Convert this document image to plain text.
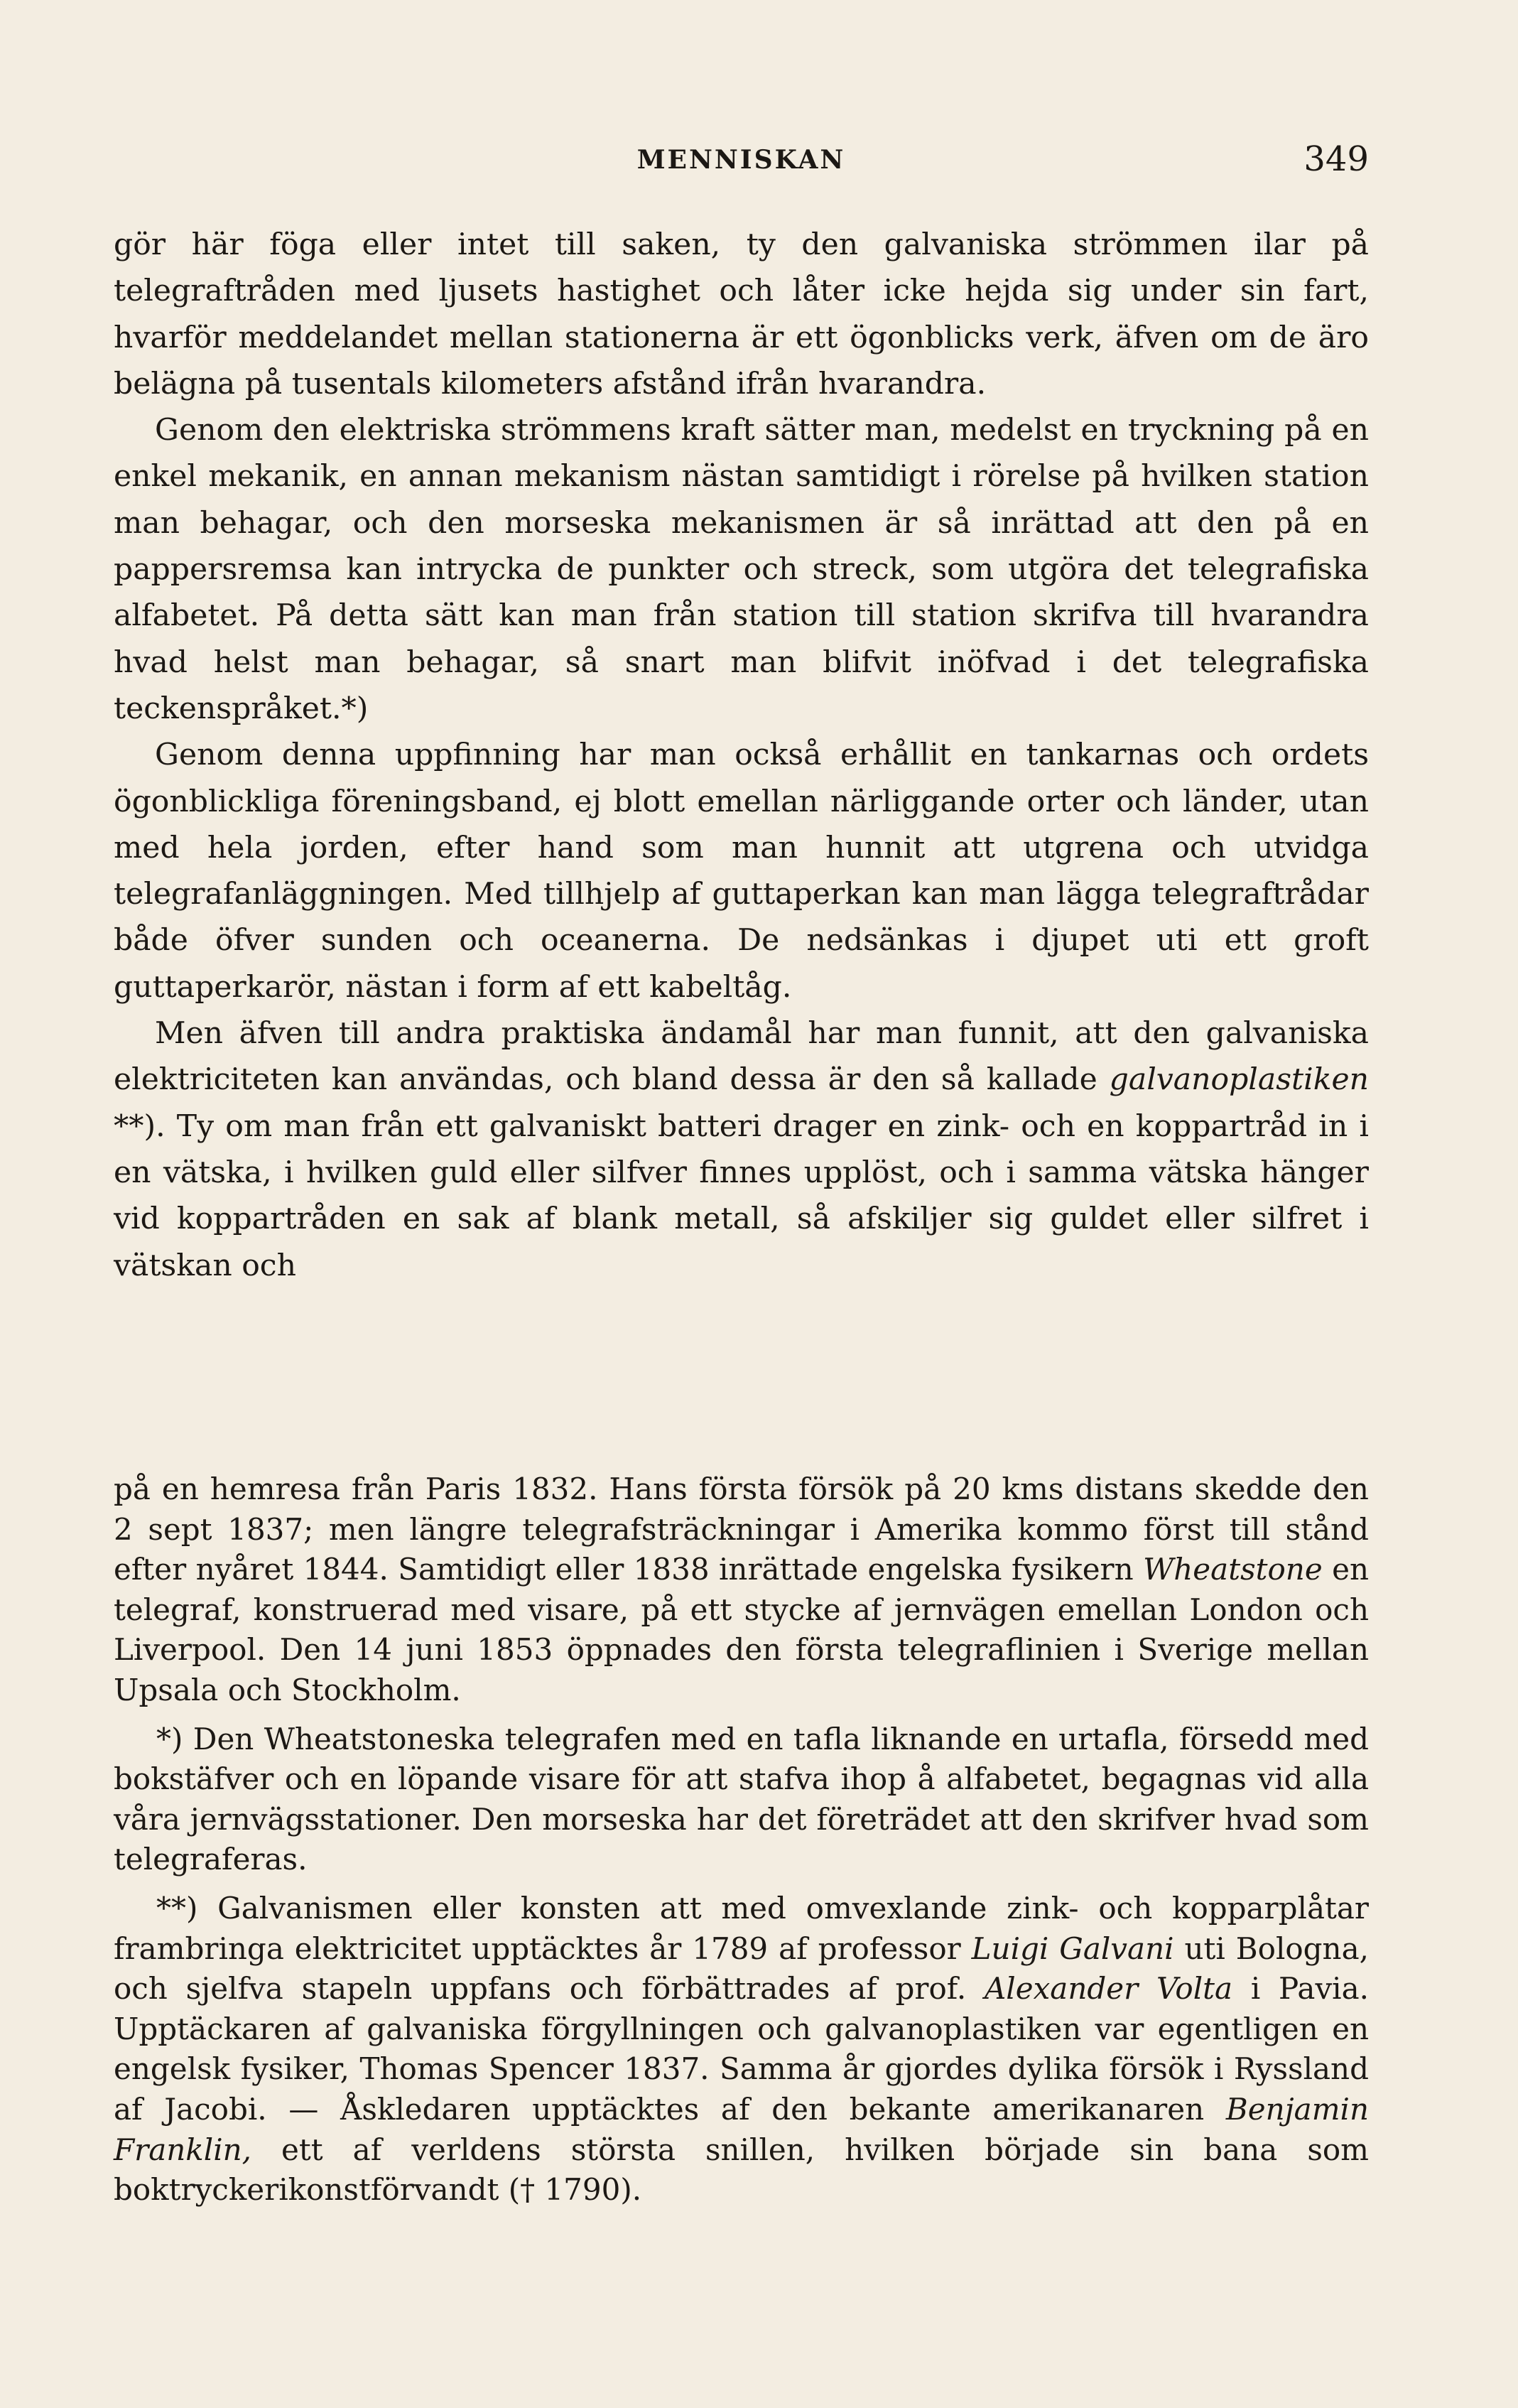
MENNISKAN	349

gör här föga eller intet till saken, ty den galvaniska strömmen ilar på telegraftråden med ljusets hastighet och låter icke hejda sig under sin fart, hvarför meddelandet mellan stationerna är ett ögonblicks verk, äfven om de äro belägna på tusentals kilometers afstånd ifrån hvarandra.

Genom den elektriska strömmens kraft sätter man, medelst en tryckning på en enkel mekanik, en annan mekanism nästan samtidigt i rörelse på hvilken station man behagar, och den morseska mekanismen är så inrättad att den på en pappersremsa kan intrycka de punkter och streck, som utgöra det telegrafiska alfabetet. På detta sätt kan man från station till station skrifva till hvarandra hvad helst man behagar, så snart man blifvit inöfvad i det telegrafiska teckenspråket.*)

Genom denna uppfinning har man också erhållit en tankarnas och ordets ögonblickliga föreningsband, ej blott emellan närliggande orter och länder, utan med hela jorden, efter hand som man hunnit att utgrena och utvidga telegrafanläggningen. Med tillhjelp af guttaperkan kan man lägga telegraftrådar både öfver sunden och oceanerna. De nedsänkas i djupet uti ett groft guttaperkarör, nästan i form af ett kabeltåg.

Men äfven till andra praktiska ändamål har man funnit, att den galvaniska elektriciteten kan användas, och bland dessa är den så kallade galvanoplastiken **). Ty om man från ett galvaniskt batteri drager en zink- och en koppartråd in i en vätska, i hvilken guld eller silfver finnes upplöst, och i samma vätska hänger vid koppartråden en sak af blank metall, så afskiljer sig guldet eller silfret i vätskan och

på en hemresa från Paris 1832. Hans första försök på 20 kms distans skedde den 2 sept 1837; men längre telegrafsträckningar i Amerika kommo först till stånd efter nyåret 1844. Samtidigt eller 1838 inrättade engelska fysikern Wheatstone en telegraf, konstruerad med visare, på ett stycke af jernvägen emellan London och Liverpool. Den 14 juni 1853 öppnades den första telegraflinien i Sverige mellan Upsala och Stockholm.

*) Den Wheatstoneska telegrafen med en tafla liknande en urtafla, försedd med bokstäfver och en löpande visare för att stafva ihop å alfabetet, begagnas vid alla våra jernvägsstationer. Den morseska har det företrädet att den skrifver hvad som telegraferas.

**) Galvanismen eller konsten att med omvexlande zink- och kopparplåtar frambringa elektricitet upptäcktes år 1789 af professor Luigi Galvani uti Bologna, och sjelfva stapeln uppfans och förbättrades af prof. Alexander Volta i Pavia. Upptäckaren af galvaniska förgyllningen och galvanoplastiken var egentligen en engelsk fysiker, Thomas Spencer 1837. Samma år gjordes dylika försök i Ryssland af Jacobi. — Åskledaren upptäcktes af den bekante amerikanaren Benjamin Franklin, ett af verldens största snillen, hvilken började sin bana som boktryckerikonstförvandt († 1790).
